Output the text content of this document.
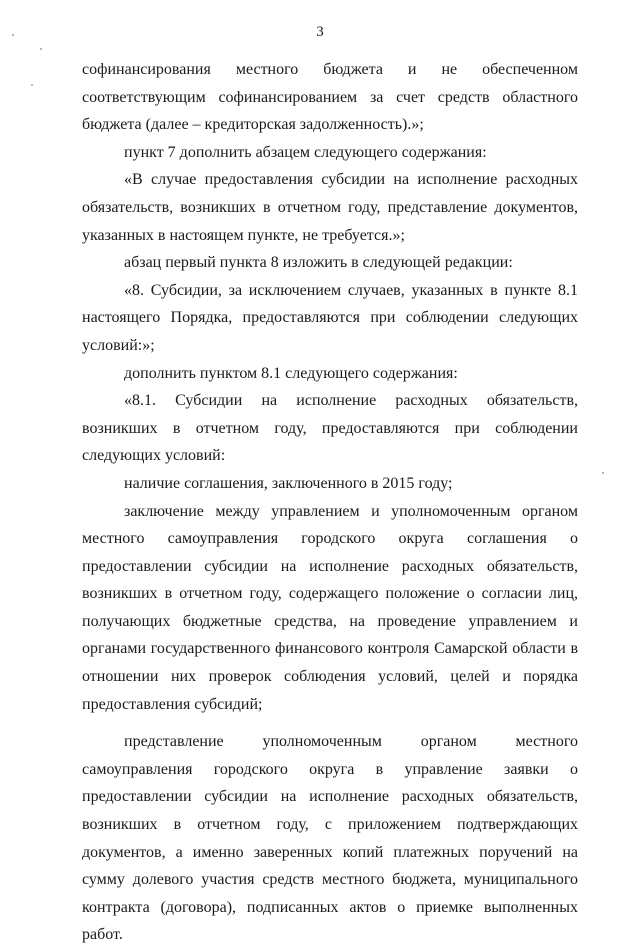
3

софинансирования местного бюджета и не обеспеченном соответствующим софинансированием за счет средств областного бюджета (далее – кредиторская задолженность).»;

пункт 7 дополнить абзацем следующего содержания:

«В случае предоставления субсидии на исполнение расходных обязательств, возникших в отчетном году, представление документов, указанных в настоящем пункте, не требуется.»;

абзац первый пункта 8 изложить в следующей редакции:

«8. Субсидии, за исключением случаев, указанных в пункте 8.1 настоящего Порядка, предоставляются при соблюдении следующих условий:»;

дополнить пунктом 8.1 следующего содержания:

«8.1. Субсидии на исполнение расходных обязательств, возникших в отчетном году, предоставляются при соблюдении следующих условий:

наличие соглашения, заключенного в 2015 году;

заключение между управлением и уполномоченным органом местного самоуправления городского округа соглашения о предоставлении субсидии на исполнение расходных обязательств, возникших в отчетном году, содержащего положение о согласии лиц, получающих бюджетные средства, на проведение управлением и органами государственного финансового контроля Самарской области в отношении них проверок соблюдения условий, целей и порядка предоставления субсидий;

представление уполномоченным органом местного самоуправления городского округа в управление заявки о предоставлении субсидии на исполнение расходных обязательств, возникших в отчетном году, с приложением подтверждающих документов, а именно заверенных копий платежных поручений на сумму долевого участия средств местного бюджета, муниципального контракта (договора), подписанных актов о приемке выполненных работ.
